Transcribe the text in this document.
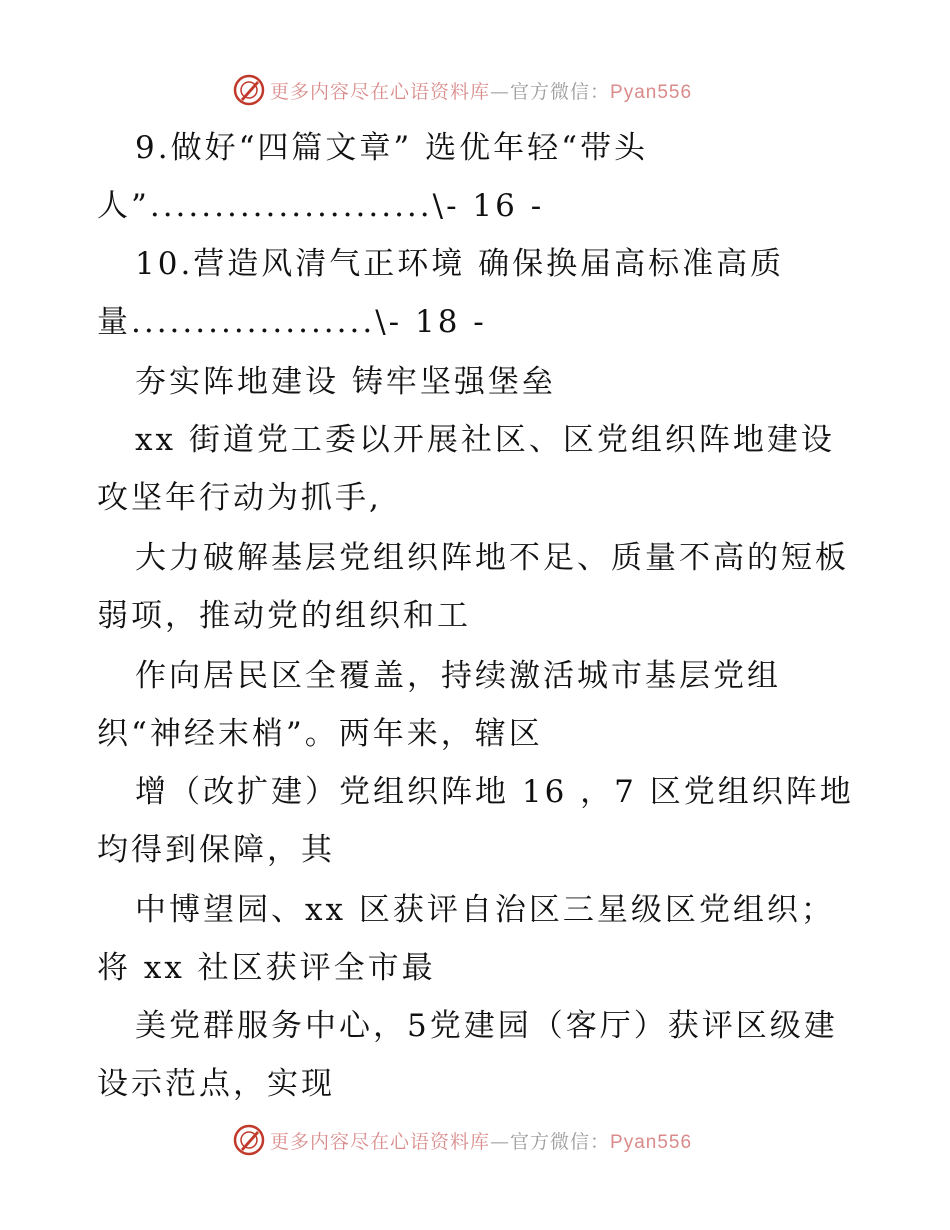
更多内容尽在心语资料库—官方微信：Pyan556
9.做好“四篇文章” 选优年轻“带头
人”......................\- 16 -
10.营造风清气正环境 确保换届高标准高质
量...................\- 18 -
夯实阵地建设 铸牢坚强堡垒
xx 街道党工委以开展社区、区党组织阵地建设
攻坚年行动为抓手,
大力破解基层党组织阵地不足、质量不高的短板
弱项，推动党的组织和工
作向居民区全覆盖，持续激活城市基层党组
织“神经末梢”。两年来，辖区
增（改扩建）党组织阵地 16 ，7 区党组织阵地
均得到保障，其
中博望园、xx 区获评自治区三星级区党组织；
将 xx 社区获评全市最
美党群服务中心，5党建园（客厅）获评区级建
设示范点，实现
更多内容尽在心语资料库—官方微信：Pyan556
